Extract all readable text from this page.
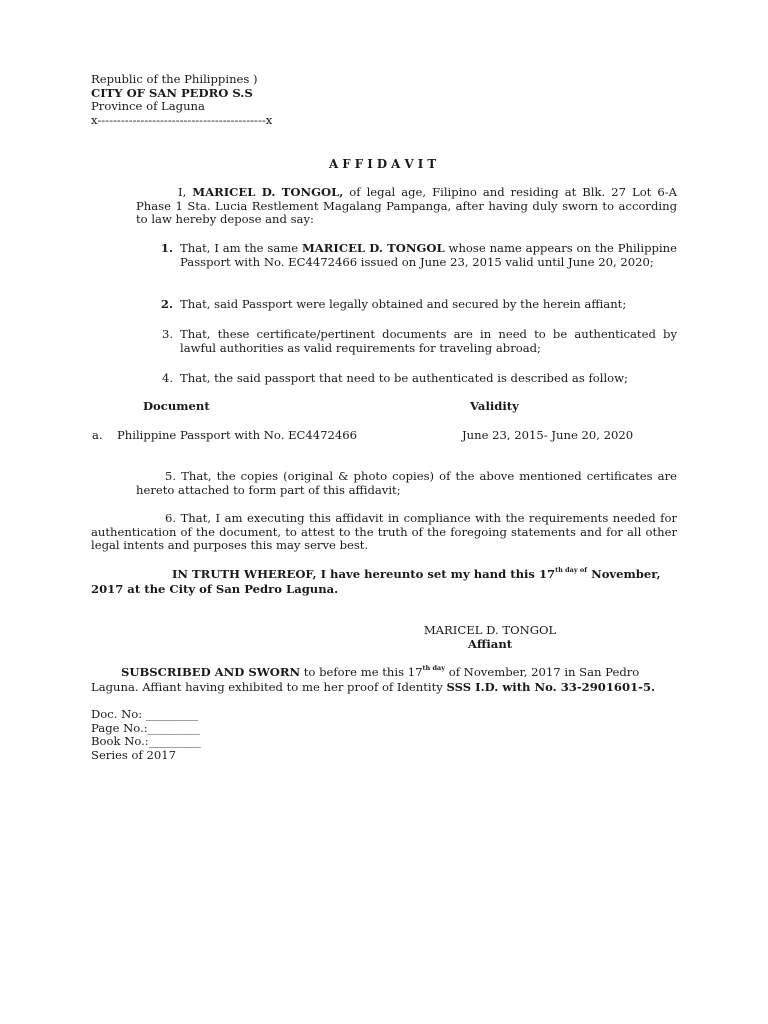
Republic of the Philippines )
CITY OF SAN PEDRO S.S
Province of Laguna
x-------------------------------------------x
A F F I D A V I T
I, MARICEL D. TONGOL, of legal age, Filipino and residing at Blk. 27 Lot 6-A Phase 1 Sta. Lucia Restlement Magalang Pampanga, after having duly sworn to according to law hereby depose and say:
1. That, I am the same MARICEL D. TONGOL whose name appears on the Philippine Passport with No. EC4472466 issued on June 23, 2015 valid until June 20, 2020;
2. That, said Passport were legally obtained and secured by the herein affiant;
3. That, these certificate/pertinent documents are in need to be authenticated by lawful authorities as valid requirements for traveling abroad;
4. That, the said passport that need to be authenticated is described as follow;
Document	Validity
a. Philippine Passport with No. EC4472466	June 23, 2015- June 20, 2020
5. That, the copies (original & photo copies) of the above mentioned certificates are hereto attached to form part of this affidavit;
6. That, I am executing this affidavit in compliance with the requirements needed for authentication of the document, to attest to the truth of the foregoing statements and for all other legal intents and purposes this may serve best.
IN TRUTH WHEREOF, I have hereunto set my hand this $17^{th day of}$ November,
2017 at the City of San Pedro Laguna.
MARICEL D. TONGOL
Affiant
SUBSCRIBED AND SWORN to before me this $17^{th day}$ of November, 2017 in San Pedro
Laguna. Affiant having exhibited to me her proof of Identity SSS I.D. with No. 33-2901601-5.
Doc. No: _________
Page No.:_________
Book No.:_________
Series of 2017
